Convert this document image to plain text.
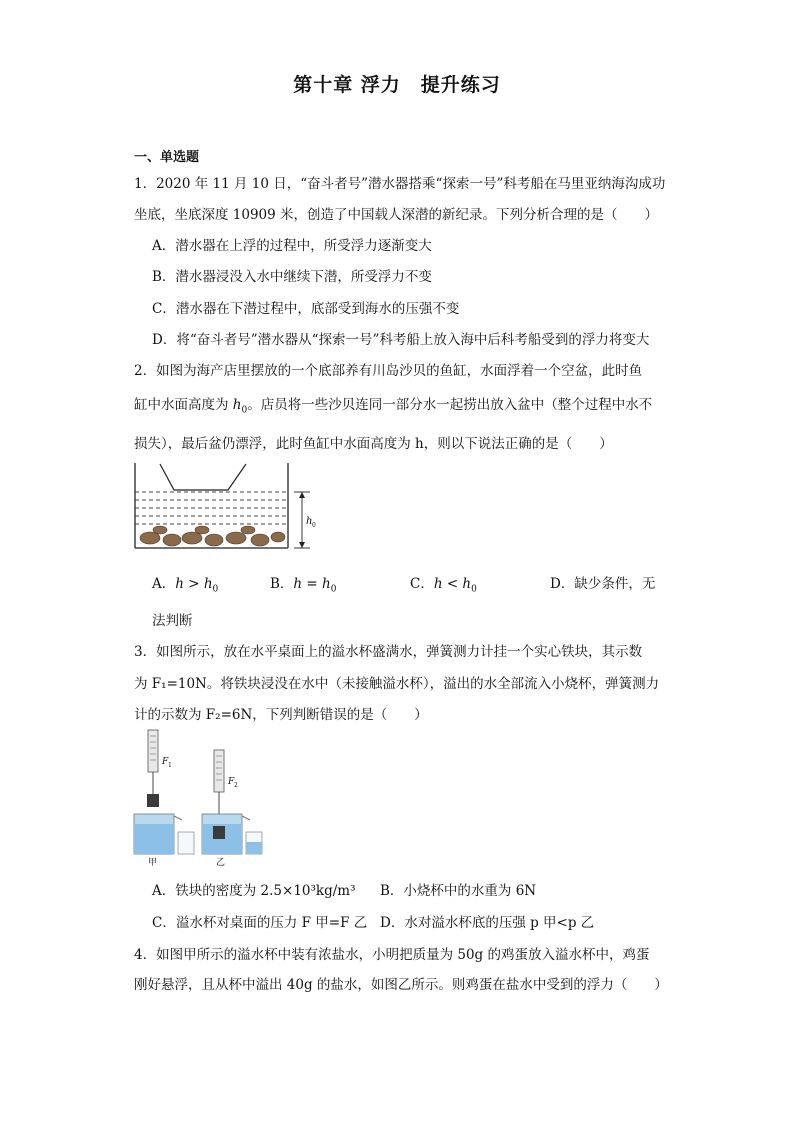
第十章 浮力　提升练习
一、单选题
1．2020 年 11 月 10 日，“奋斗者号”潜水器搭乘“探索一号”科考船在马里亚纳海沟成功
坐底，坐底深度 10909 米，创造了中国载人深潜的新纪录。下列分析合理的是（　　）
A．潜水器在上浮的过程中，所受浮力逐渐变大
B．潜水器浸没入水中继续下潜，所受浮力不变
C．潜水器在下潜过程中，底部受到海水的压强不变
D．将“奋斗者号”潜水器从“探索一号”科考船上放入海中后科考船受到的浮力将变大
2．如图为海产店里摆放的一个底部养有川岛沙贝的鱼缸，水面浮着一个空盆，此时鱼
缸中水面高度为 $h_0$。店员将一些沙贝连同一部分水一起捞出放入盆中（整个过程中水不
损失），最后盆仍漂浮，此时鱼缸中水面高度为 h，则以下说法正确的是（　　）
h 0
A．$h > h_0$	B．$h = h_0$	C．$h < h_0$	D．缺少条件，无
法判断
3．如图所示，放在水平桌面上的溢水杯盛满水，弹簧测力计挂一个实心铁块，其示数
为 F₁=10N。将铁块浸没在水中（未接触溢水杯），溢出的水全部流入小烧杯，弹簧测力
计的示数为 F₂=6N，下列判断错误的是（　　）
F 1
甲
F 2
乙
A．铁块的密度为 2.5×10³kg/m³ B．小烧杯中的水重为 6N
C．溢水杯对桌面的压力 F 甲=F 乙 D．水对溢水杯底的压强 p 甲<p 乙
4．如图甲所示的溢水杯中装有浓盐水，小明把质量为 50g 的鸡蛋放入溢水杯中，鸡蛋
刚好悬浮，且从杯中溢出 40g 的盐水，如图乙所示。则鸡蛋在盐水中受到的浮力（　　）
